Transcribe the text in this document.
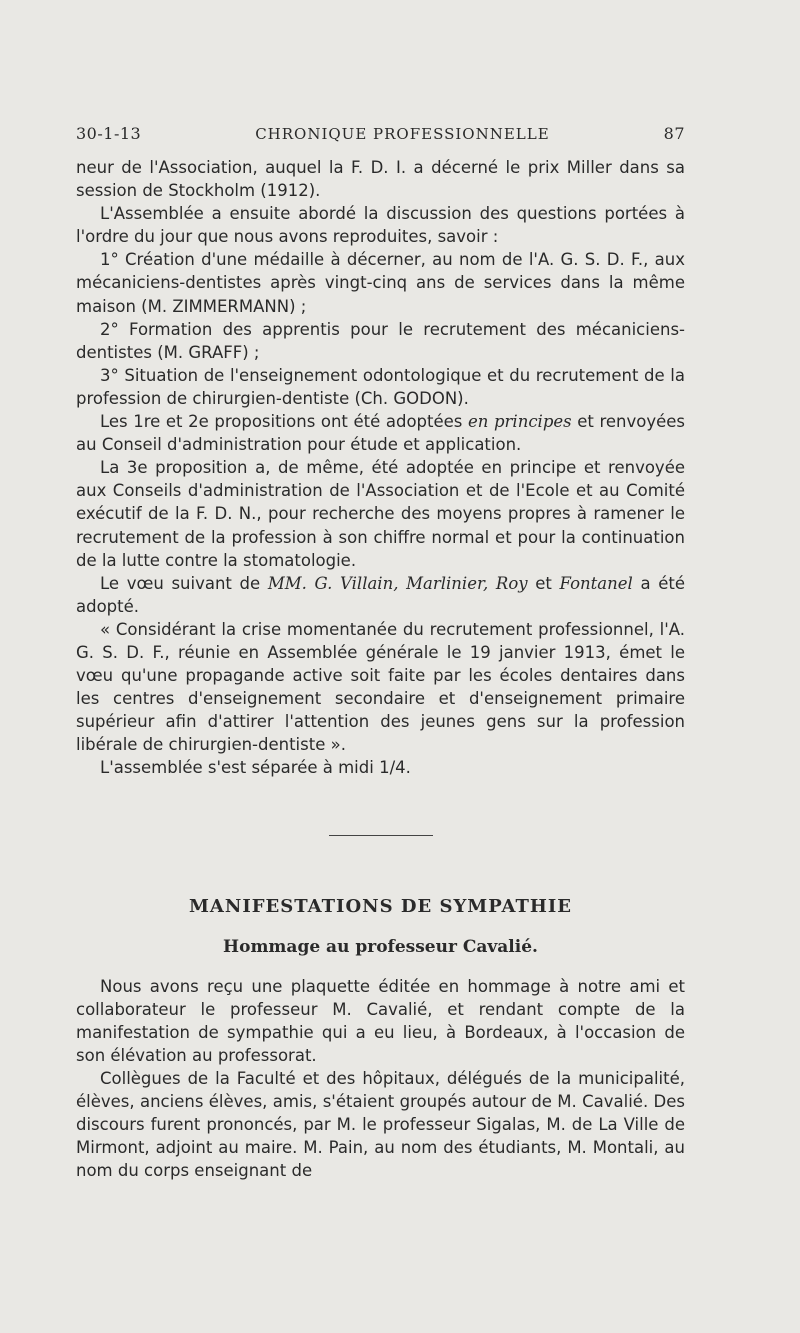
30-1-13	CHRONIQUE PROFESSIONNELLE	87

neur de l'Association, auquel la F. D. I. a décerné le prix Miller dans sa session de Stockholm (1912).

L'Assemblée a ensuite abordé la discussion des questions portées à l'ordre du jour que nous avons reproduites, savoir :

1° Création d'une médaille à décerner, au nom de l'A. G. S. D. F., aux mécaniciens-dentistes après vingt-cinq ans de services dans la même maison (M. ZIMMERMANN) ;

2° Formation des apprentis pour le recrutement des mécaniciens-dentistes (M. GRAFF) ;

3° Situation de l'enseignement odontologique et du recrutement de la profession de chirurgien-dentiste (Ch. GODON).

Les 1re et 2e propositions ont été adoptées en principes et renvoyées au Conseil d'administration pour étude et application.

La 3e proposition a, de même, été adoptée en principe et renvoyée aux Conseils d'administration de l'Association et de l'Ecole et au Comité exécutif de la F. D. N., pour recherche des moyens propres à ramener le recrutement de la profession à son chiffre normal et pour la continuation de la lutte contre la stomatologie.

Le vœu suivant de MM. G. Villain, Marlinier, Roy et Fontanel a été adopté.

« Considérant la crise momentanée du recrutement professionnel, l'A. G. S. D. F., réunie en Assemblée générale le 19 janvier 1913, émet le vœu qu'une propagande active soit faite par les écoles dentaires dans les centres d'enseignement secondaire et d'enseignement primaire supérieur afin d'attirer l'attention des jeunes gens sur la profession libérale de chirurgien-dentiste ».

L'assemblée s'est séparée à midi 1/4.

MANIFESTATIONS DE SYMPATHIE
Hommage au professeur Cavalié.

Nous avons reçu une plaquette éditée en hommage à notre ami et collaborateur le professeur M. Cavalié, et rendant compte de la manifestation de sympathie qui a eu lieu, à Bordeaux, à l'occasion de son élévation au professorat.

Collègues de la Faculté et des hôpitaux, délégués de la municipalité, élèves, anciens élèves, amis, s'étaient groupés autour de M. Cavalié. Des discours furent prononcés, par M. le professeur Sigalas, M. de La Ville de Mirmont, adjoint au maire. M. Pain, au nom des étudiants, M. Montali, au nom du corps enseignant de
